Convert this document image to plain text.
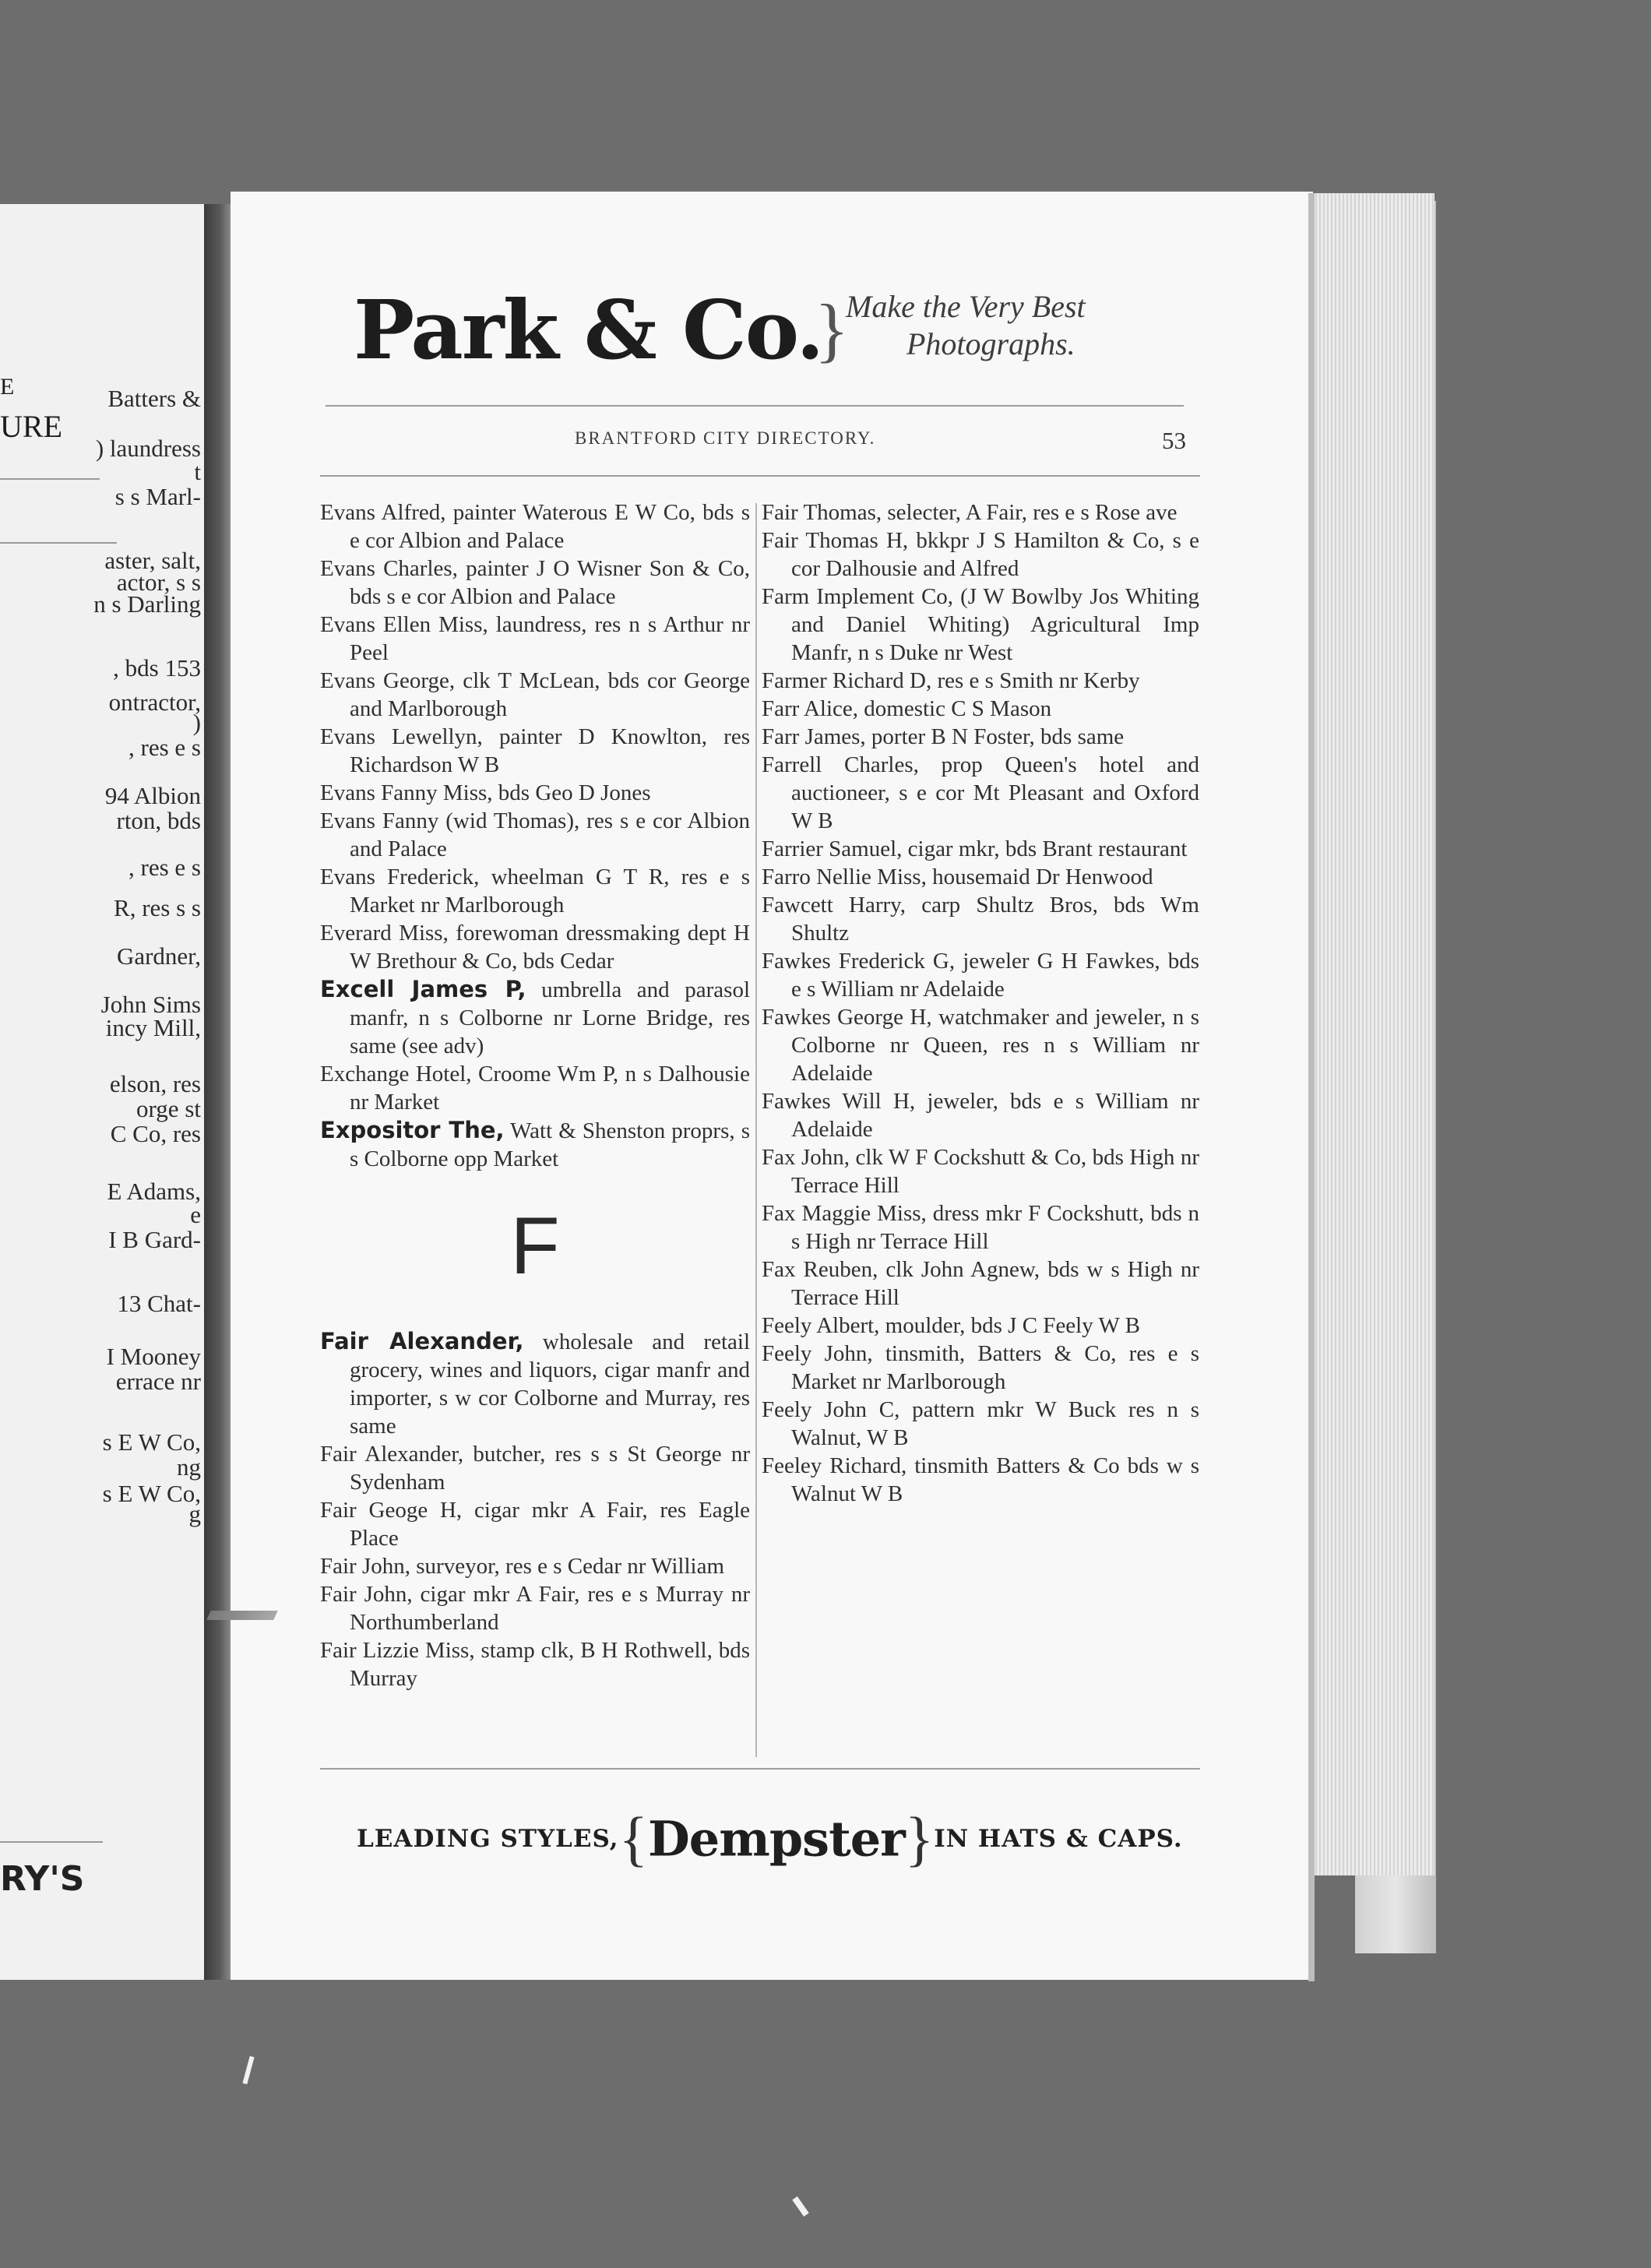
E
URE
Batters &
) laundress
t
s s Marl-
aster, salt,
actor, s s
n s Darling
, bds 153
ontractor,
)
, res e s
94 Albion
rton, bds
, res e s
R, res s s
Gardner,
John Sims
incy Mill,
elson, res
orge st
C Co, res
E Adams,
e
I B Gard-
13 Chat-
I Mooney
errace nr
s E W Co,
ng
s E W Co,
g
RY'S
Park & Co.
}
Make the Very Best
Photographs.
BRANTFORD CITY DIRECTORY.	53
Evans Alfred, painter Waterous E W Co, bds s e cor Albion and Palace
Evans Charles, painter J O Wisner Son & Co, bds s e cor Albion and Palace
Evans Ellen Miss, laundress, res n s Arthur nr Peel
Evans George, clk T McLean, bds cor George and Marlborough
Evans Lewellyn, painter D Knowlton, res Richardson W B
Evans Fanny Miss, bds Geo D Jones
Evans Fanny (wid Thomas), res s e cor Albion and Palace
Evans Frederick, wheelman G T R, res e s Market nr Marlborough
Everard Miss, forewoman dressmaking dept H W Brethour & Co, bds Cedar
Excell James P, umbrella and parasol manfr, n s Colborne nr Lorne Bridge, res same (see adv)
Exchange Hotel, Croome Wm P, n s Dalhousie nr Market
Expositor The, Watt & Shenston proprs, s s Colborne opp Market
F
Fair Alexander, wholesale and retail grocery, wines and liquors, cigar manfr and importer, s w cor Colborne and Murray, res same
Fair Alexander, butcher, res s s St George nr Sydenham
Fair Geoge H, cigar mkr A Fair, res Eagle Place
Fair John, surveyor, res e s Cedar nr William
Fair John, cigar mkr A Fair, res e s Murray nr Northumberland
Fair Lizzie Miss, stamp clk, B H Rothwell, bds Murray
Fair Thomas, selecter, A Fair, res e s Rose ave
Fair Thomas H, bkkpr J S Hamilton & Co, s e cor Dalhousie and Alfred
Farm Implement Co, (J W Bowlby Jos Whiting and Daniel Whiting) Agricultural Imp Manfr, n s Duke nr West
Farmer Richard D, res e s Smith nr Kerby
Farr Alice, domestic C S Mason
Farr James, porter B N Foster, bds same
Farrell Charles, prop Queen's hotel and auctioneer, s e cor Mt Pleasant and Oxford W B
Farrier Samuel, cigar mkr, bds Brant restaurant
Farro Nellie Miss, housemaid Dr Henwood
Fawcett Harry, carp Shultz Bros, bds Wm Shultz
Fawkes Frederick G, jeweler G H Fawkes, bds e s William nr Adelaide
Fawkes George H, watchmaker and jeweler, n s Colborne nr Queen, res n s William nr Adelaide
Fawkes Will H, jeweler, bds e s William nr Adelaide
Fax John, clk W F Cockshutt & Co, bds High nr Terrace Hill
Fax Maggie Miss, dress mkr F Cockshutt, bds n s High nr Terrace Hill
Fax Reuben, clk John Agnew, bds w s High nr Terrace Hill
Feely Albert, moulder, bds J C Feely W B
Feely John, tinsmith, Batters & Co, res e s Market nr Marlborough
Feely John C, pattern mkr W Buck res n s Walnut, W B
Feeley Richard, tinsmith Batters & Co bds w s Walnut W B
LEADING STYLES,{Dempster}IN HATS & CAPS.
